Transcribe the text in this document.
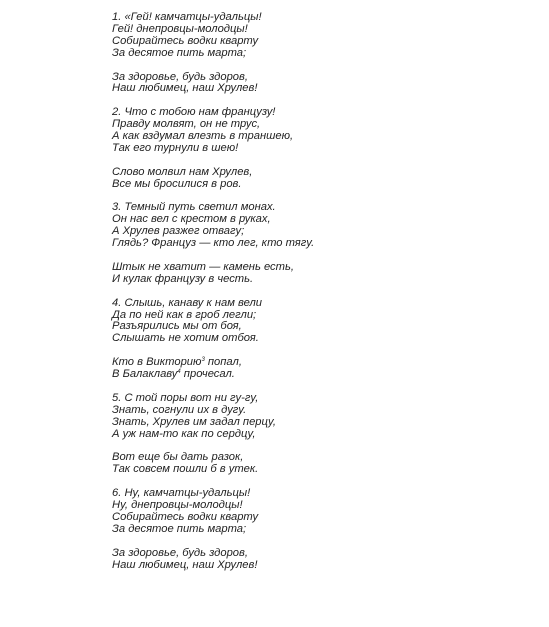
1. «Гей! камчатцы-удальцы!
Гей! днепровцы-молодцы!
Собирайтесь водки кварту
За десятое пить марта;
За здоровье, будь здоров,
Наш любимец, наш Хрулев!
2. Что с тобою нам французу!
Правду молвят, он не трус,
А как вздумал влезть в траншею,
Так его турнули в шею!
Слово молвил нам Хрулев,
Все мы бросилися в ров.
3. Темный путь светил монах.
Он нас вел с крестом в руках,
А Хрулев разжег отвагу;
Глядь? Француз — кто лег, кто тягу.
Штык не хватит — камень есть,
И кулак французу в честь.
4. Слышь, канаву к нам вели
Да по ней как в гроб легли;
Разъярились мы от боя,
Слышать не хотим отбоя.
Кто в Викторию$^3$ попал,
В Балаклаву$^4$ прочесал.
5. С той поры вот ни гу-гу,
Знать, согнули их в дугу.
Знать, Хрулев им задал перцу,
А уж нам-то как по сердцу,
Вот еще бы дать разок,
Так совсем пошли б в утек.
6. Ну, камчатцы-удальцы!
Ну, днепровцы-молодцы!
Собирайтесь водки кварту
За десятое пить марта;
За здоровье, будь здоров,
Наш любимец, наш Хрулев!
